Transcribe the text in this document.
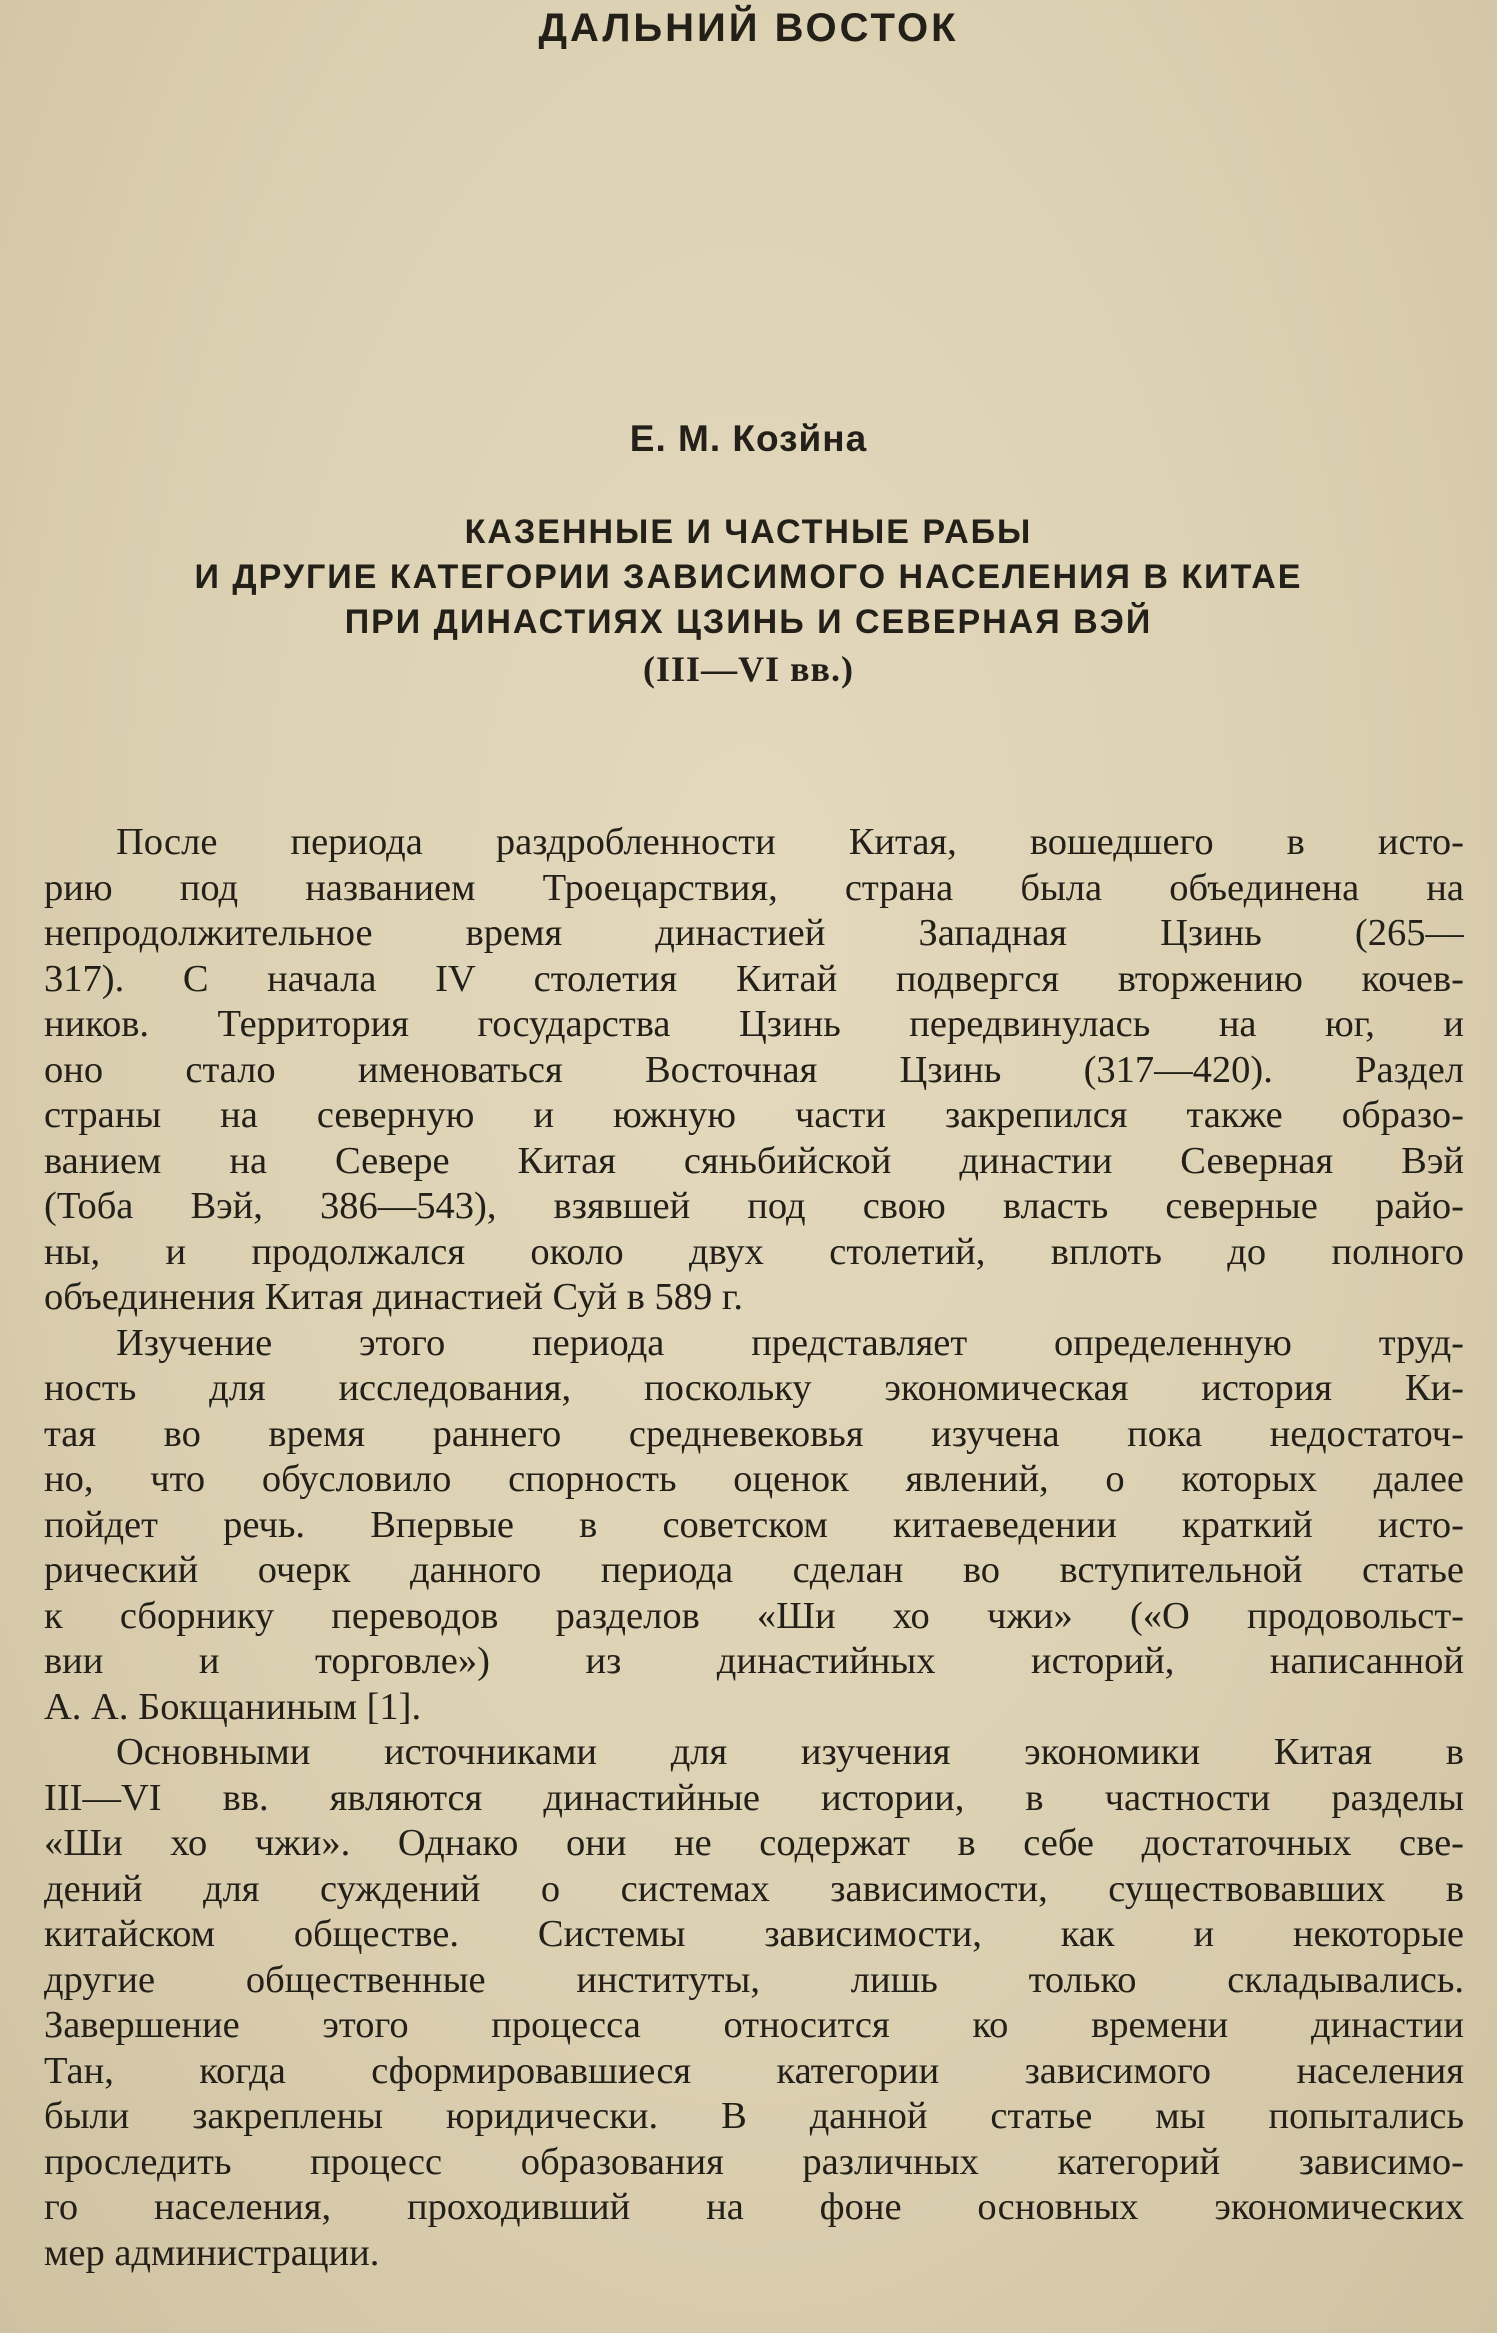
ДАЛЬНИЙ ВОСТОК
Е. М. Козйна
КАЗЕННЫЕ И ЧАСТНЫЕ РАБЫ
И ДРУГИЕ КАТЕГОРИИ ЗАВИСИМОГО НАСЕЛЕНИЯ В КИТАЕ
ПРИ ДИНАСТИЯХ ЦЗИНЬ И СЕВЕРНАЯ ВЭЙ
(III—VI вв.)
После периода раздробленности Китая, вошедшего в исто-
рию под названием Троецарствия, страна была объединена на
непродолжительное время династией Западная Цзинь (265—
317). С начала IV столетия Китай подвергся вторжению кочев-
ников. Территория государства Цзинь передвинулась на юг, и
оно стало именоваться Восточная Цзинь (317—420). Раздел
страны на северную и южную части закрепился также образо-
ванием на Севере Китая сяньбийской династии Северная Вэй
(Тоба Вэй, 386—543), взявшей под свою власть северные райо-
ны, и продолжался около двух столетий, вплоть до полного
объединения Китая династией Суй в 589 г.
Изучение этого периода представляет определенную труд-
ность для исследования, поскольку экономическая история Ки-
тая во время раннего средневековья изучена пока недостаточ-
но, что обусловило спорность оценок явлений, о которых далее
пойдет речь. Впервые в советском китаеведении краткий исто-
рический очерк данного периода сделан во вступительной статье
к сборнику переводов разделов «Ши хо чжи» («О продовольст-
вии и торговле») из династийных историй, написанной
А. А. Бокщаниным [1].
Основными источниками для изучения экономики Китая в
III—VI вв. являются династийные истории, в частности разделы
«Ши хо чжи». Однако они не содержат в себе достаточных све-
дений для суждений о системах зависимости, существовавших в
китайском обществе. Системы зависимости, как и некоторые
другие общественные институты, лишь только складывались.
Завершение этого процесса относится ко времени династии
Тан, когда сформировавшиеся категории зависимого населения
были закреплены юридически. В данной статье мы попытались
проследить процесс образования различных категорий зависимо-
го населения, проходивший на фоне основных экономических
мер администрации.
